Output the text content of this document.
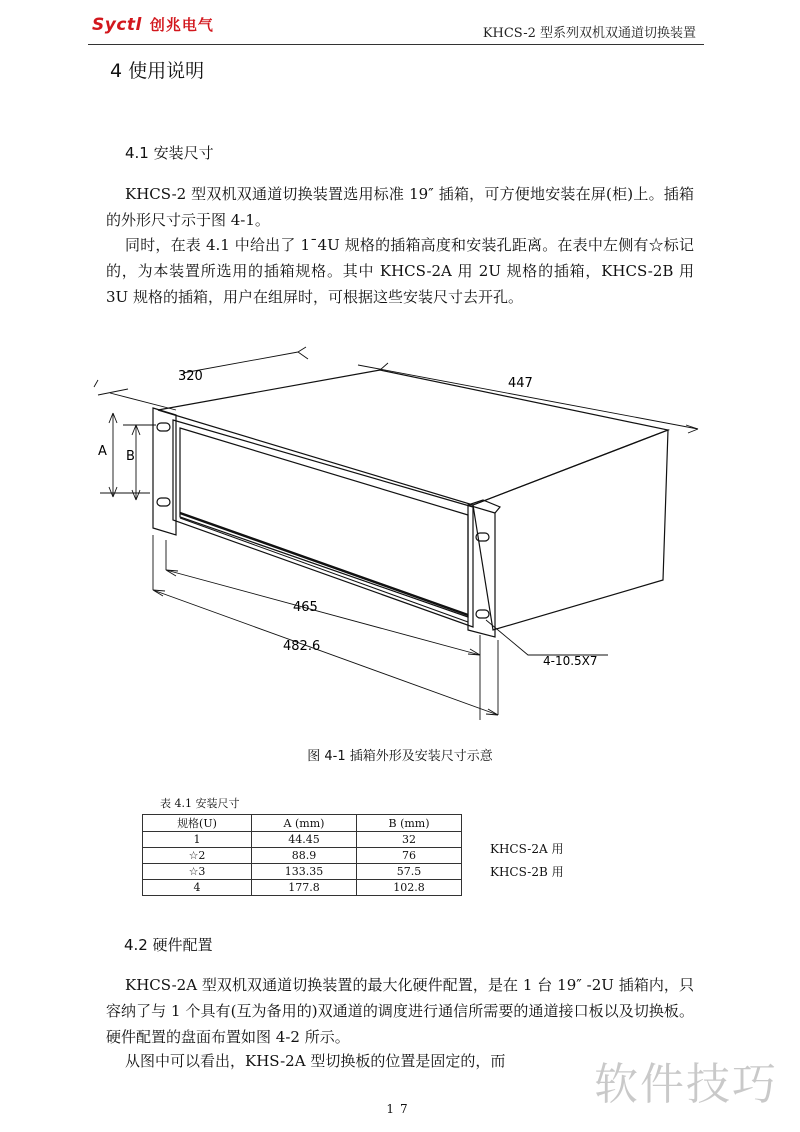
Syctl 创兆电气	KHCS-2 型系列双机双通道切换装置
4 使用说明
4.1 安装尺寸

KHCS-2 型双机双通道切换装置选用标准 19″ 插箱，可方便地安装在屏(柜)上。插箱的外形尺寸示于图 4-1。

同时，在表 4.1 中给出了 1¯4U 规格的插箱高度和安装孔距离。在表中左侧有☆标记的，为本装置所选用的插箱规格。其中 KHCS-2A 用 2U 规格的插箱，KHCS-2B 用 3U 规格的插箱，用户在组屏时，可根据这些安装尺寸去开孔。

320	447
A B
465
482.6
4-10.5X7
图 4-1 插箱外形及安装尺寸示意
表 4.1 安装尺寸
规格(U)	A (mm)	B (mm)
1	44.45	32
☆2	88.9	76
☆3	133.35	57.5
4	177.8	102.8
KHCS-2A 用
KHCS-2B 用
4.2 硬件配置

KHCS-2A 型双机双通道切换装置的最大化硬件配置，是在 1 台 19″ -2U 插箱内，只容纳了与 1 个具有(互为备用的)双通道的调度进行通信所需要的通道接口板以及切换板。硬件配置的盘面布置如图 4-2 所示。

从图中可以看出，KHS-2A 型切换板的位置是固定的，而	软件技巧
17
